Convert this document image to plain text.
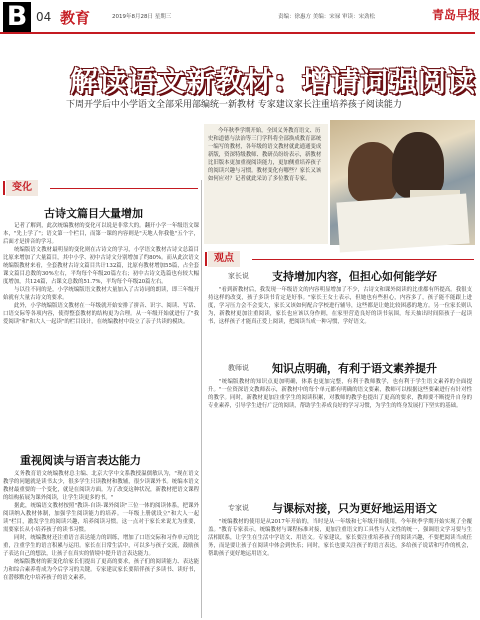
B 04 教育	2019年8月28日 星期三	责编：徐惠方 美编：宋禄 审读：宋劲松	青岛早报
解读语文新教材：增请词强阅读
下周开学后中小学语文全部采用部编统一新教材 专家建议家长注重培养孩子阅读能力
今年秋季学期开始，全国义务教育语文、历史和道德与法治等三门学科将全部换成教育部统一编写的教材，各年级的语文教材就此通通变成新版，资深特级教师、教研员纷纷表示，新教材比旧版本更加重视阅读能力，更加侧重培养孩子的阅读兴趣与习惯。教材变化有哪些？家长又该如何应对？记者就此采访了多位教育专家。
变化
古诗文篇目大量增加

记者了解到，此次统编教材的变化可以说是非常大的。翻开小学一年级语文课本，"先上学了"；语文第一个栏目，而第一课的内容则是"天地人你我他"五个字，后面才是拼音的学习。

统编版语文教材最明显的变化则在古诗文的学习，小学语文教材古诗文总篇目比原来增加了大量篇目，其中小学、初中古诗文分别增加了约80%。而从此次语文统编版教材来看，全套教材古诗文篇目共计132篇，比原有教材增加55篇，占全套课文篇目总数的30%左右，平均每个年级20篇左右；初中古诗文选篇也有较大幅度增加，共124篇，占课文总数的51.7%，平均每个年级20篇左右。

与以往不同的是，小学统编版语文教材大量加入了古诗词的朗读，即三年级开始就有大量古诗文的要求。

此外，小学统编版语文教材在一年级就开始安排了拼音、识字、阅读、写话、口语交际等各项内容，使得整套教材的结构更为合理。从一年级开始就进行了"我爱阅读"和"和大人一起读"的栏目设计，在统编教材中设立了亲子共读的模块。

重视阅读与语言表达能力

义务教育语文统编教材总主编、北京大学中文系教授温儒敏认为，"现在语文教学的问题就是读书太少，很多学生只读教材和教辅，很少读课外书。统编本语文教材最重要的一个变化，就是在阅读方面。为了改变这种状况，新教材把语文课程的结构拓展为课外阅读，让学生读更多的书。"

据此，统编语文教材按照"教读-自读-课外阅读"三位一体的阅读体系，把课外阅读纳入教材体制，加强学生阅读能力的培养。一年级上册就设立"和大人一起读"栏目，激发学生的阅读兴趣，培养阅读习惯。这一点对于家长来说尤为重要，需要家长从小培养孩子的读书习惯。

同时，统编教材还注重语言表达能力的训练，增加了口语交际和习作单元的比重，注重学生的语言积累与运用。家长在日常生活中，可以多与孩子交流，鼓励孩子表达自己的想法，让孩子在真实的情境中提升语言表达能力。

统编版教材的新变化给家长们提出了更高的要求，孩子们的阅读能力、表达能力和综合素养将成为今后学习的关键。专家建议家长要陪伴孩子多读书、读好书，在潜移默化中培养孩子的语文素养。

观点
家长说 支持增加内容，但担心如何能学好

"看到新教材后，我发现一年级语文的内容明显增加了不少，古诗文和课外阅读的比重都有所提高。我很支持这样的改变，孩子多读书肯定是好事。"家长王女士表示，但她也有些担心，内容多了，孩子能不能跟上进度，学习压力会不会变大，家长又该如何配合学校进行辅导，这些都是让她比较困惑的地方。另一位家长则认为，新教材更加注重阅读，家长也应该以身作则，在家里营造良好的读书氛围，每天抽出时间陪孩子一起读书，这样孩子才能真正爱上阅读，把阅读当成一种习惯，学好语文。

教师说 知识点明确，有利于语文素养提升

"统编版教材的知识点更加明确，体系也更加完整，有利于教师教学，也有利于学生语文素养的全面提升。"一位资深语文教师表示，新教材中的每个单元都有明确的语文要素，教师可以根据这些要素进行有针对性的教学。同时，新教材更加注重学生的阅读积累，对教师的教学也提出了更高的要求，教师要不断提升自身的专业素养，引导学生进行广泛的阅读，帮助学生养成良好的学习习惯，为学生的终身发展打下坚实的基础。

专家说 与课标对接，只为更好地运用语文

"统编教材的使用是从2017年开始的，当时是从一年级和七年级开始使用，今年秋季学期开始实现了全覆盖。"教育专家表示，统编教材与课程标准对接，更加注重语文的工具性与人文性的统一，强调语文学习要与生活相联系，让学生在生活中学语文、用语文。专家建议，家长要注重培养孩子的阅读兴趣，不要把阅读当成任务，而是要让孩子在阅读中体会到快乐；同时，家长也要关注孩子的语言表达，多给孩子说话和写作的机会，帮助孩子更好地运用语文。
